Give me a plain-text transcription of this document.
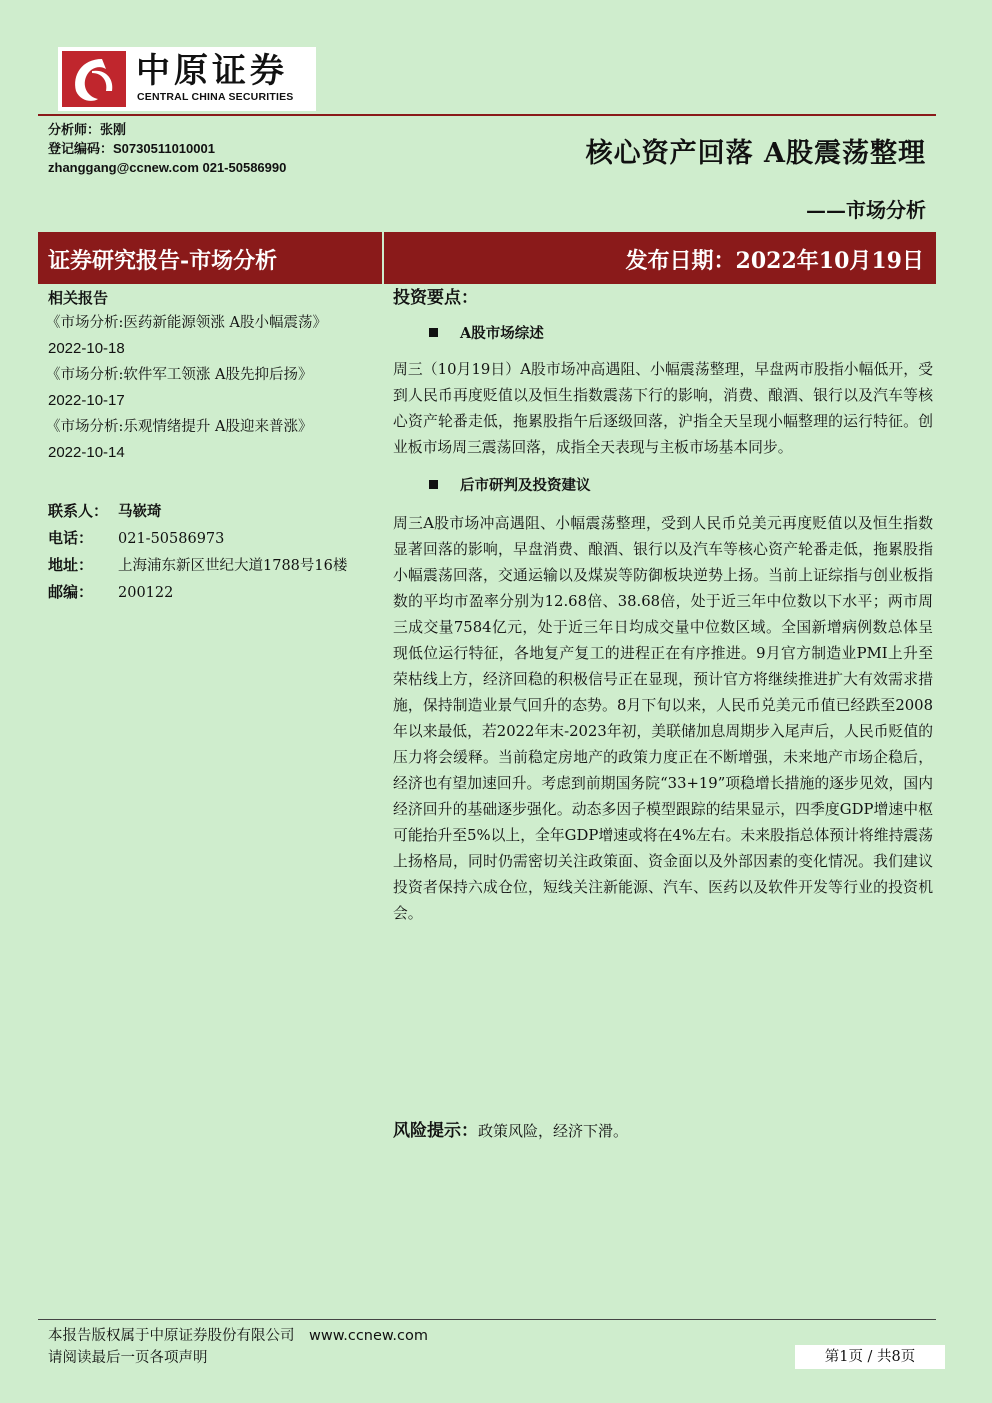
中原证券
CENTRAL CHINA SECURITIES
分析师：张刚
登记编码：S0730511010001
zhanggang@ccnew.com 021-50586990	核心资产回落 A股震荡整理
——市场分析
证券研究报告-市场分析	发布日期：2022年10月19日
相关报告
《市场分析:医药新能源领涨 A股小幅震荡》
2022-10-18
《市场分析:软件军工领涨 A股先抑后扬》
2022-10-17
《市场分析:乐观情绪提升 A股迎来普涨》
2022-10-14
联系人： 马嵚琦
电话： 021-50586973
地址： 上海浦东新区世纪大道1788号16楼
邮编： 200122
投资要点：
A股市场综述
周三（10月19日）A股市场冲高遇阻、小幅震荡整理，早盘两市股指小幅低开，受到人民币再度贬值以及恒生指数震荡下行的影响，消费、酿酒、银行以及汽车等核心资产轮番走低，拖累股指午后逐级回落，沪指全天呈现小幅整理的运行特征。创业板市场周三震荡回落，成指全天表现与主板市场基本同步。
后市研判及投资建议
周三A股市场冲高遇阻、小幅震荡整理，受到人民币兑美元再度贬值以及恒生指数显著回落的影响，早盘消费、酿酒、银行以及汽车等核心资产轮番走低，拖累股指小幅震荡回落，交通运输以及煤炭等防御板块逆势上扬。当前上证综指与创业板指数的平均市盈率分别为12.68倍、38.68倍，处于近三年中位数以下水平；两市周三成交量7584亿元，处于近三年日均成交量中位数区域。全国新增病例数总体呈现低位运行特征，各地复产复工的进程正在有序推进。9月官方制造业PMI上升至荣枯线上方，经济回稳的积极信号正在显现，预计官方将继续推进扩大有效需求措施，保持制造业景气回升的态势。8月下旬以来，人民币兑美元币值已经跌至2008年以来最低，若2022年末-2023年初，美联储加息周期步入尾声后，人民币贬值的压力将会缓释。当前稳定房地产的政策力度正在不断增强，未来地产市场企稳后，经济也有望加速回升。考虑到前期国务院“33+19”项稳增长措施的逐步见效，国内经济回升的基础逐步强化。动态多因子模型跟踪的结果显示，四季度GDP增速中枢可能抬升至5%以上，全年GDP增速或将在4%左右。未来股指总体预计将维持震荡上扬格局，同时仍需密切关注政策面、资金面以及外部因素的变化情况。我们建议投资者保持六成仓位，短线关注新能源、汽车、医药以及软件开发等行业的投资机会。
风险提示：政策风险，经济下滑。
本报告版权属于中原证券股份有限公司　www.ccnew.com
请阅读最后一页各项声明	第1页 / 共8页
